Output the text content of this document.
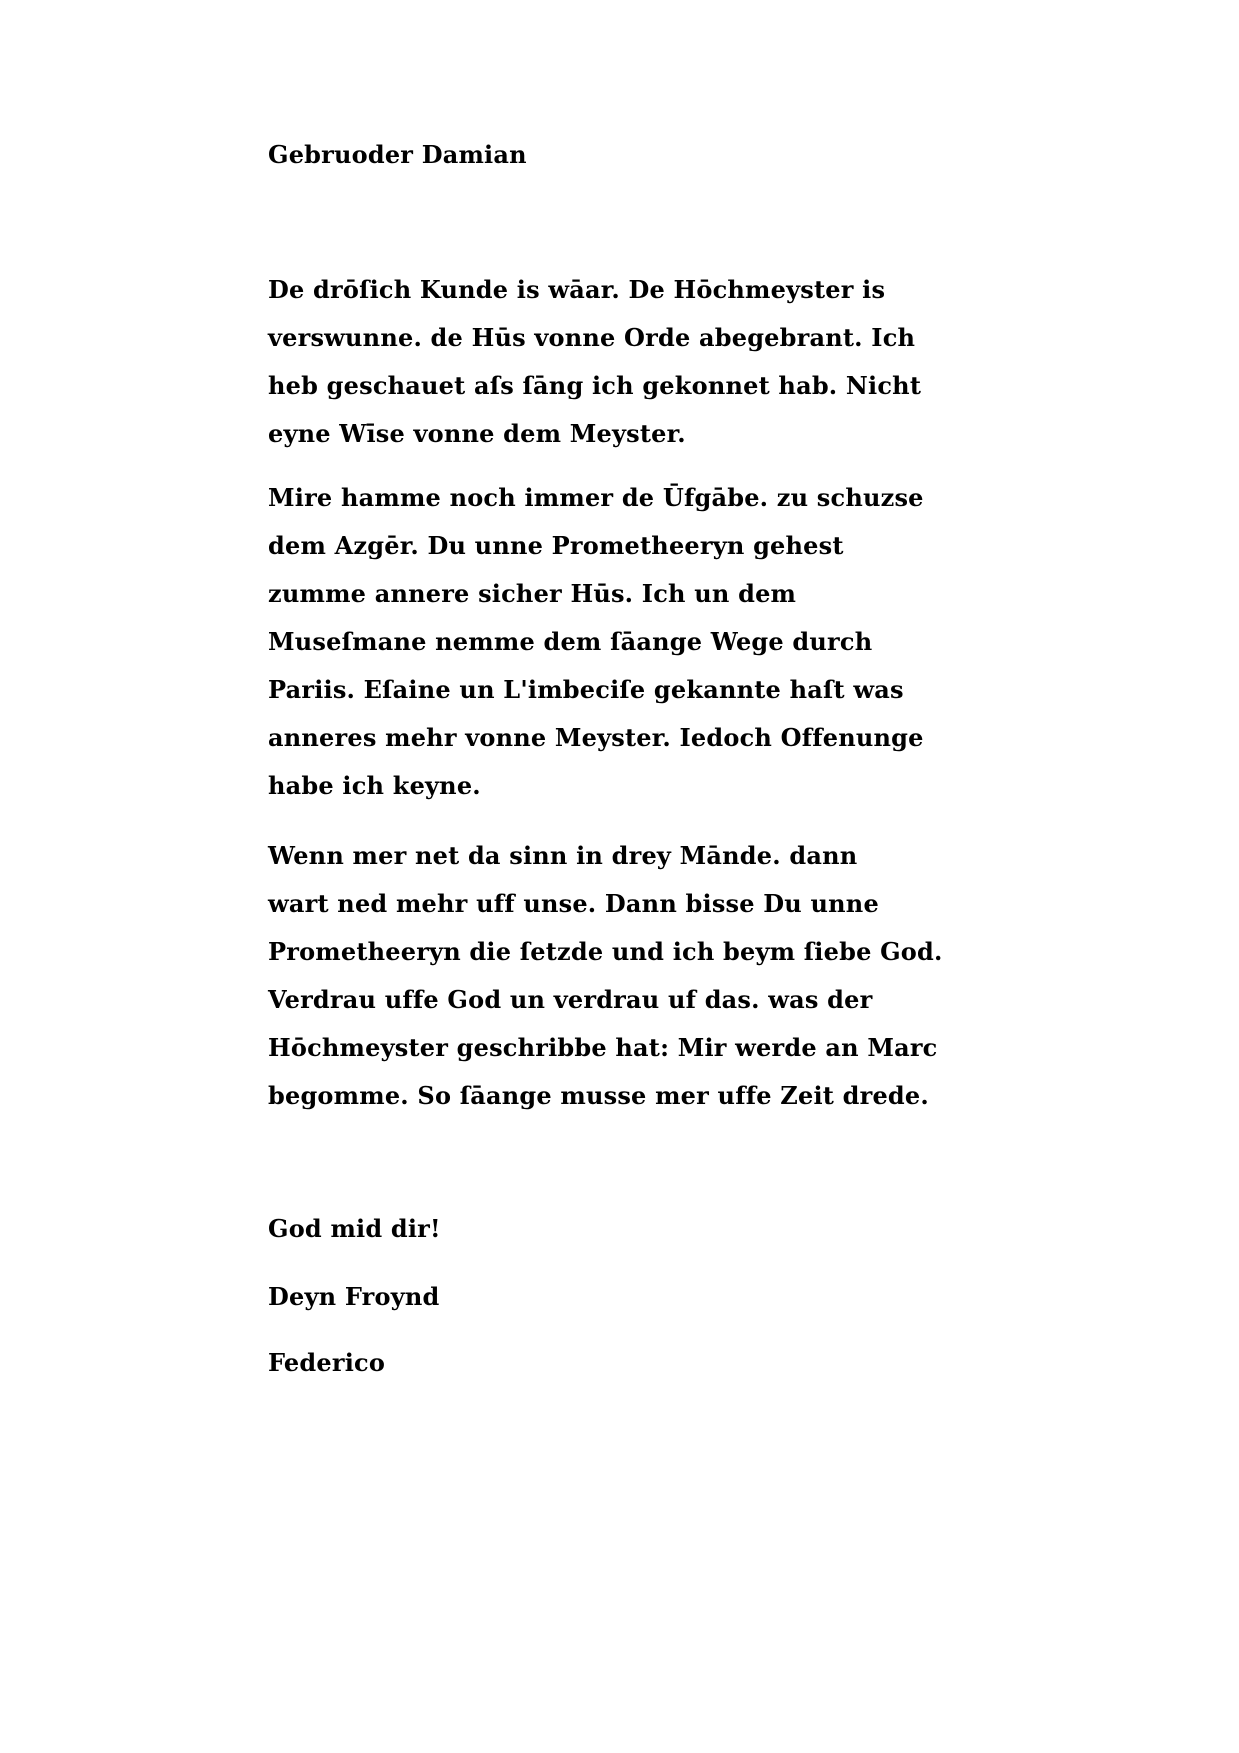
Gebruoder Damian
De drōſich Kunde is wāar. De Hōchmeyster is
verswunne. de Hūs vonne Orde abegebrant. Ich
heb geschauet aſs ſāng ich gekonnet hab. Nicht
eyne Wīse vonne dem Meyster.
Mire hamme noch immer de Ūfgābe. zu schuzse
dem Azgēr. Du unne Prometheeryn gehest
zumme annere sicher Hūs. Ich un dem
Museſmane nemme dem ſāange Wege durch
Pariis. Eſaine un L'imbeciſe gekannte haſt was
anneres mehr vonne Meyster. Iedoch Offenunge
habe ich keyne.
Wenn mer net da sinn in drey Mānde. dann
wart ned mehr uff unse. Dann bisse Du unne
Prometheeryn die ſetzde und ich beym ſiebe God.
Verdrau uffe God un verdrau uf das. was der
Hōchmeyster geschribbe hat: Mir werde an Marc
begomme. So ſāange musse mer uffe Zeit drede.
God mid dir!
Deyn Froynd
Federico
